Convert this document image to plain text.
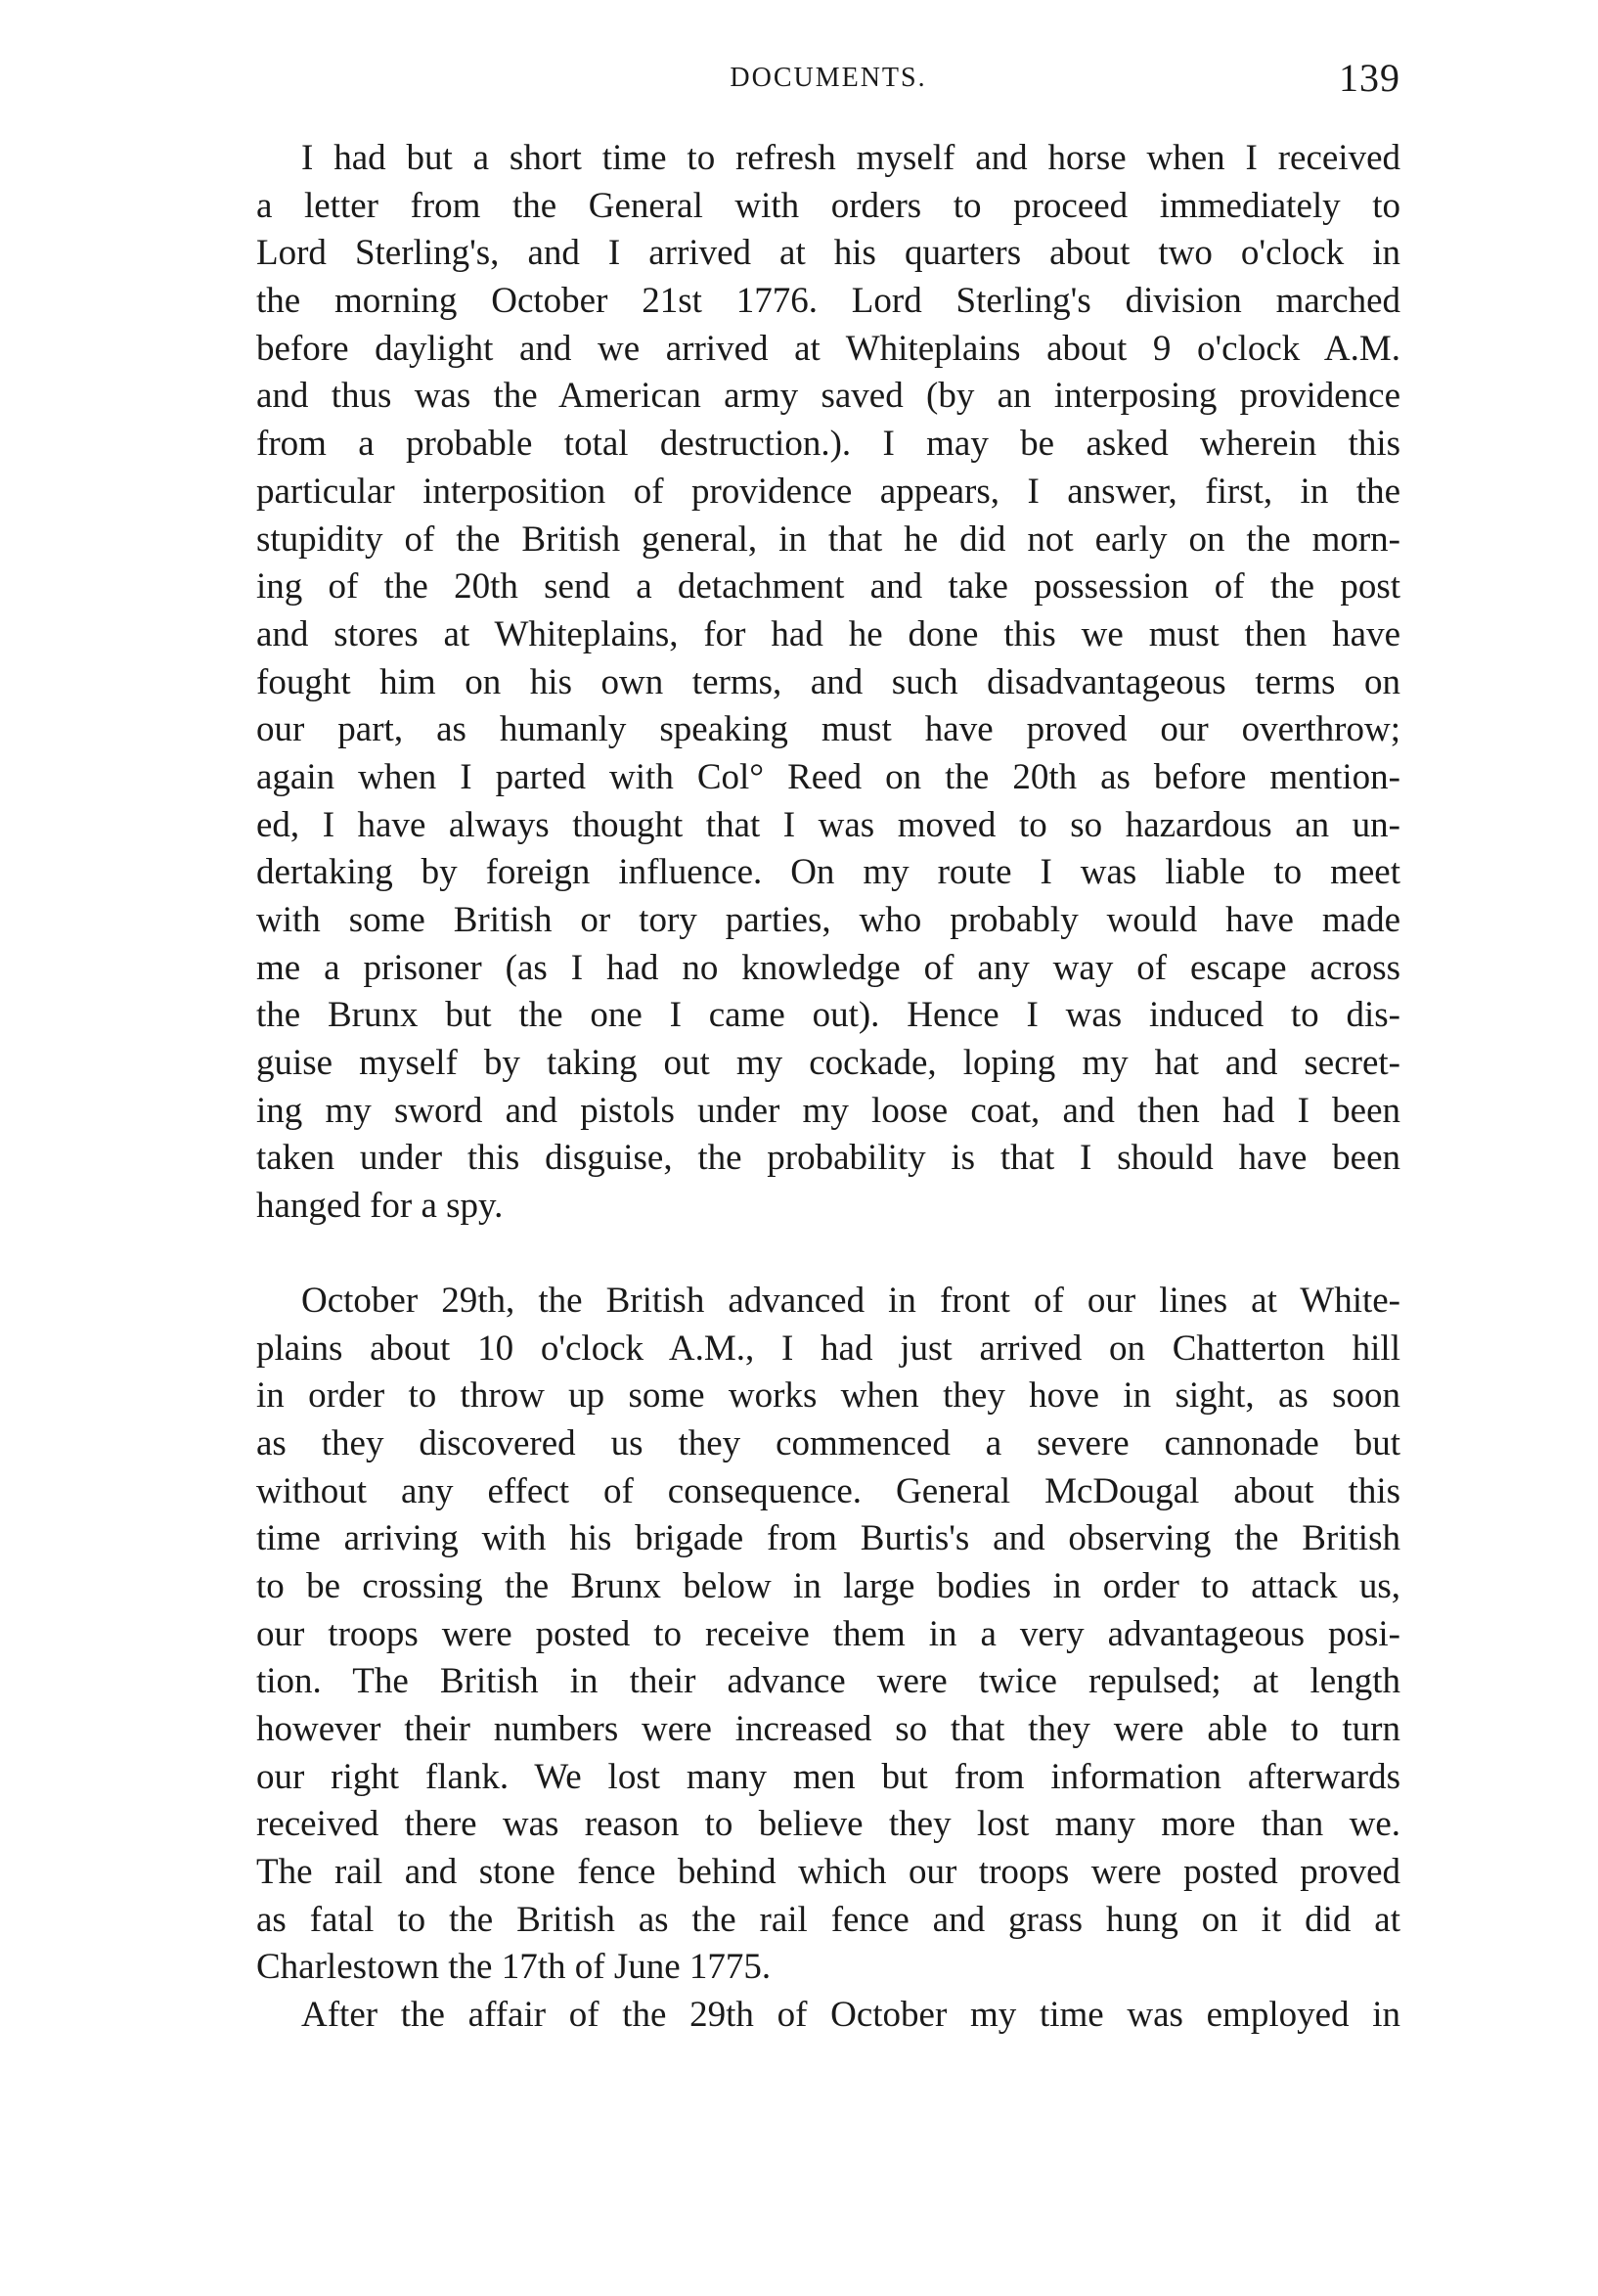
DOCUMENTS.	139
I had but a short time to refresh myself and horse when I received
a letter from the General with orders to proceed immediately to
Lord Sterling's, and I arrived at his quarters about two o'clock in
the morning October 21st 1776. Lord Sterling's division marched
before daylight and we arrived at Whiteplains about 9 o'clock A.M.
and thus was the American army saved (by an interposing providence
from a probable total destruction.). I may be asked wherein this
particular interposition of providence appears, I answer, first, in the
stupidity of the British general, in that he did not early on the morn-
ing of the 20th send a detachment and take possession of the post
and stores at Whiteplains, for had he done this we must then have
fought him on his own terms, and such disadvantageous terms on
our part, as humanly speaking must have proved our overthrow;
again when I parted with Col° Reed on the 20th as before mention-
ed, I have always thought that I was moved to so hazardous an un-
dertaking by foreign influence. On my route I was liable to meet
with some British or tory parties, who probably would have made
me a prisoner (as I had no knowledge of any way of escape across
the Brunx but the one I came out). Hence I was induced to dis-
guise myself by taking out my cockade, loping my hat and secret-
ing my sword and pistols under my loose coat, and then had I been
taken under this disguise, the probability is that I should have been
hanged for a spy.
October 29th, the British advanced in front of our lines at White-
plains about 10 o'clock A.M., I had just arrived on Chatterton hill
in order to throw up some works when they hove in sight, as soon
as they discovered us they commenced a severe cannonade but
without any effect of consequence. General McDougal about this
time arriving with his brigade from Burtis's and observing the British
to be crossing the Brunx below in large bodies in order to attack us,
our troops were posted to receive them in a very advantageous posi-
tion. The British in their advance were twice repulsed; at length
however their numbers were increased so that they were able to turn
our right flank. We lost many men but from information afterwards
received there was reason to believe they lost many more than we.
The rail and stone fence behind which our troops were posted proved
as fatal to the British as the rail fence and grass hung on it did at
Charlestown the 17th of June 1775.
After the affair of the 29th of October my time was employed in
